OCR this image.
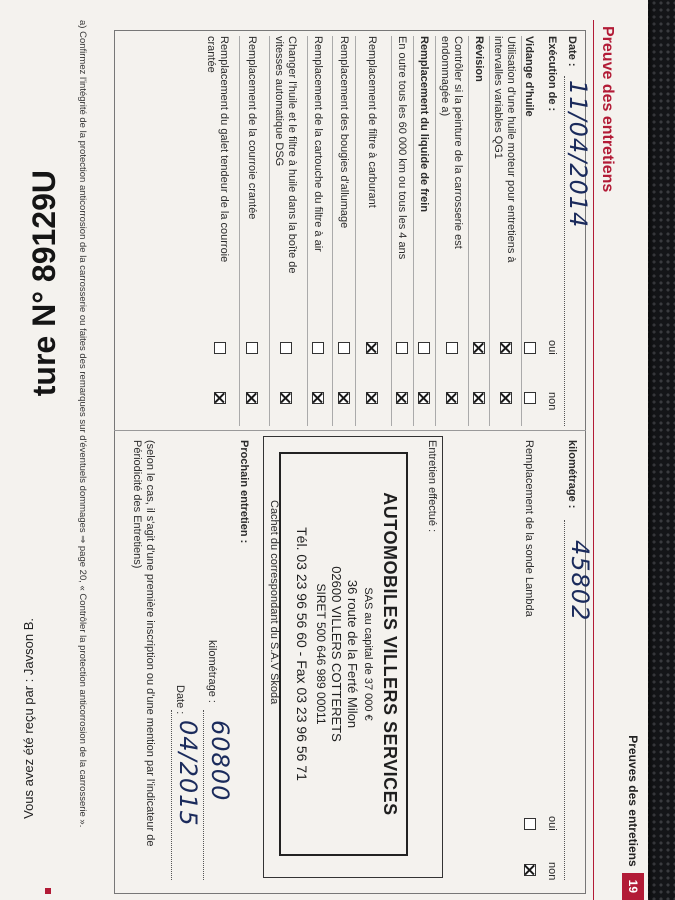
ture N° 89129U
Vous avez été reçu par : Javson B.	Preuves des entretiens
19
Preuve des entretiens
Date :
11/04/2014
Exécution de :
oui
non
Vidange d'huile
Utilisation d'une huile moteur pour entretiens à intervalles variables QG1
Révision
Contrôler si la peinture de la carrosserie est endommagée a)
Remplacement du liquide de frein
En outre tous les 60 000 km ou tous les 4 ans
Remplacement de filtre à carburant
Remplacement des bougies d'allumage
Remplacement de la cartouche du filtre à air
Changer l'huile et le filtre à huile dans la boîte de vitesses automatique DSG
Remplacement de la courroie crantée
Remplacement du galet tendeur de la courroie crantée
kilométrage :
45802
oui
non
Remplacement de la sonde Lambda
Entretien effectué :
AUTOMOBILES VILLERS SERVICES
SAS au capital de 37 000 €
36 route de la Ferté Milon
02600 VILLERS COTTERETS
SIRET 500 646 989 00011
Tél. 03 23 96 56 60 - Fax 03 23 96 56 71
Cachet du correspondant du S.A.V Škoda
Prochain entretien :
kilométrage :
60800
Date :
04/2015
(selon le cas, il s'agit d'une première inscription ou d'une mention par l'indicateur de Périodicité des Entretiens)
a) Confirmez l'intégrité de la protection anticorrosion de la carrosserie ou faites des remarques sur d'éventuels dommages ⇒ page 20, « Contrôler la protection anticorrosion de la carrosserie ».
